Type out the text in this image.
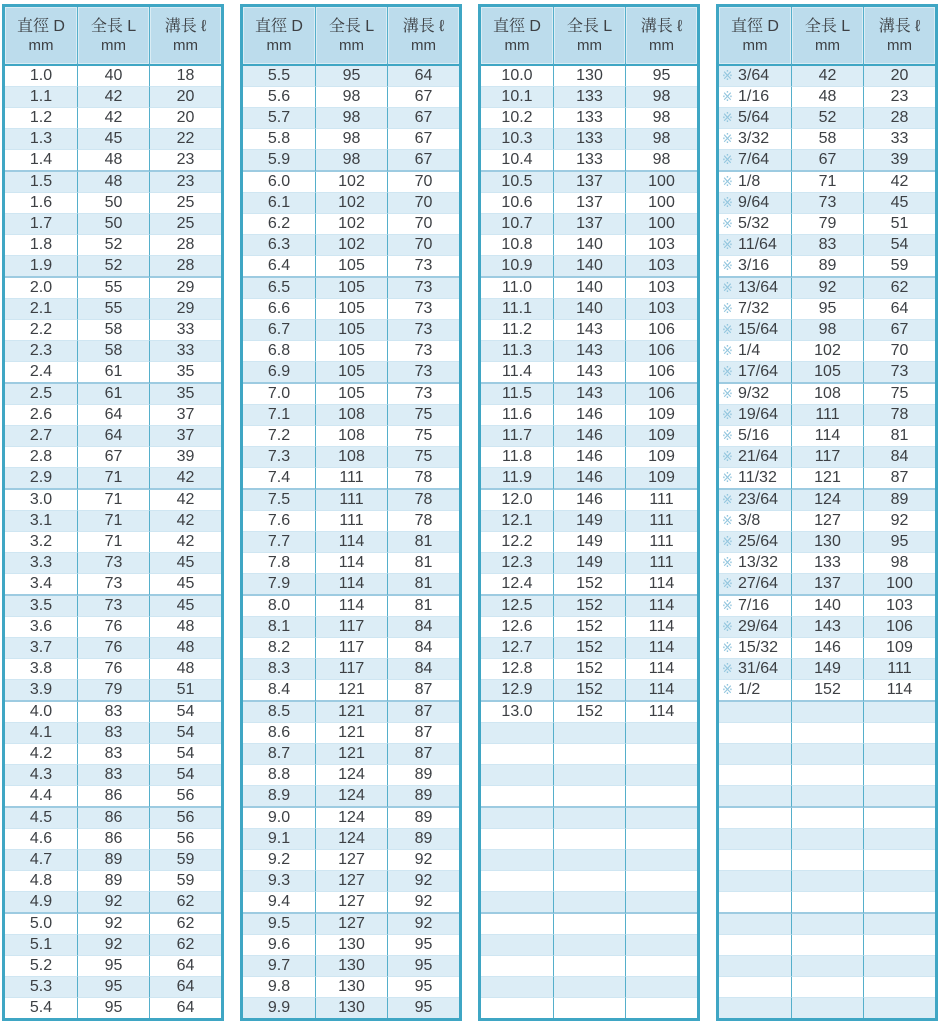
直徑 D
mm

全長 L
mm

溝長 ℓ
mm

1.0	40	18
1.1	42	20
1.2	42	20
1.3	45	22
1.4	48	23
1.5	48	23
1.6	50	25
1.7	50	25
1.8	52	28
1.9	52	28
2.0	55	29
2.1	55	29
2.2	58	33
2.3	58	33
2.4	61	35
2.5	61	35
2.6	64	37
2.7	64	37
2.8	67	39
2.9	71	42
3.0	71	42
3.1	71	42
3.2	71	42
3.3	73	45
3.4	73	45
3.5	73	45
3.6	76	48
3.7	76	48
3.8	76	48
3.9	79	51
4.0	83	54
4.1	83	54
4.2	83	54
4.3	83	54
4.4	86	56
4.5	86	56
4.6	86	56
4.7	89	59
4.8	89	59
4.9	92	62
5.0	92	62
5.1	92	62
5.2	95	64
5.3	95	64
5.4	95	64
直徑 D
mm

全長 L
mm

溝長 ℓ
mm

5.5	95	64
5.6	98	67
5.7	98	67
5.8	98	67
5.9	98	67
6.0	102	70
6.1	102	70
6.2	102	70
6.3	102	70
6.4	105	73
6.5	105	73
6.6	105	73
6.7	105	73
6.8	105	73
6.9	105	73
7.0	105	73
7.1	108	75
7.2	108	75
7.3	108	75
7.4	111	78
7.5	111	78
7.6	111	78
7.7	114	81
7.8	114	81
7.9	114	81
8.0	114	81
8.1	117	84
8.2	117	84
8.3	117	84
8.4	121	87
8.5	121	87
8.6	121	87
8.7	121	87
8.8	124	89
8.9	124	89
9.0	124	89
9.1	124	89
9.2	127	92
9.3	127	92
9.4	127	92
9.5	127	92
9.6	130	95
9.7	130	95
9.8	130	95
9.9	130	95
直徑 D
mm

全長 L
mm

溝長 ℓ
mm

10.0	130	95
10.1	133	98
10.2	133	98
10.3	133	98
10.4	133	98
10.5	137	100
10.6	137	100
10.7	137	100
10.8	140	103
10.9	140	103
11.0	140	103
11.1	140	103
11.2	143	106
11.3	143	106
11.4	143	106
11.5	143	106
11.6	146	109
11.7	146	109
11.8	146	109
11.9	146	109
12.0	146	111
12.1	149	111
12.2	149	111
12.3	149	111
12.4	152	114
12.5	152	114
12.6	152	114
12.7	152	114
12.8	152	114
12.9	152	114
13.0	152	114

直徑 D
mm

全長 L
mm

溝長 ℓ
mm

※ 3/64	42	20
※ 1/16	48	23
※ 5/64	52	28
※ 3/32	58	33
※ 7/64	67	39
※ 1/8	71	42
※ 9/64	73	45
※ 5/32	79	51
※ 11/64	83	54
※ 3/16	89	59
※ 13/64	92	62
※ 7/32	95	64
※ 15/64	98	67
※ 1/4	102	70
※ 17/64	105	73
※ 9/32	108	75
※ 19/64	111	78
※ 5/16	114	81
※ 21/64	117	84
※ 11/32	121	87
※ 23/64	124	89
※ 3/8	127	92
※ 25/64	130	95
※ 13/32	133	98
※ 27/64	137	100
※ 7/16	140	103
※ 29/64	143	106
※ 15/32	146	109
※ 31/64	149	111
※ 1/2	152	114
